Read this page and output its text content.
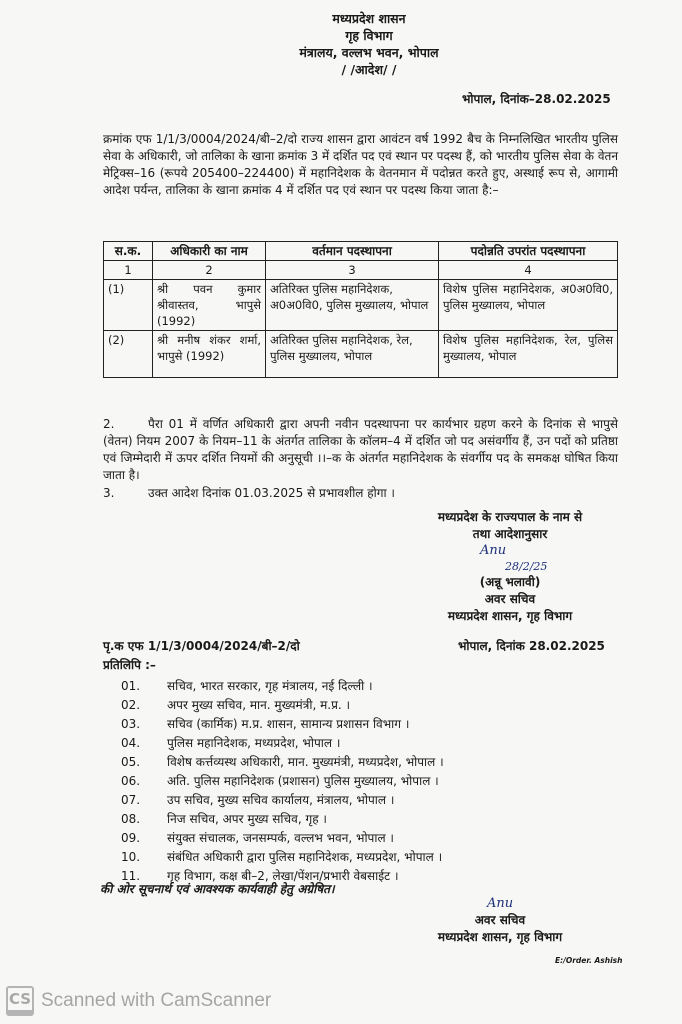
मध्यप्रदेश शासन
गृह विभाग
मंत्रालय, वल्लभ भवन, भोपाल
/ /आदेश/ /
भोपाल, दिनांक–28.02.2025
क्रमांक एफ 1/1/3/0004/2024/बी–2/दो राज्य शासन द्वारा आवंटन वर्ष 1992 बैच के निम्नलिखित भारतीय पुलिस सेवा के अधिकारी, जो तालिका के खाना क्रमांक 3 में दर्शित पद एवं स्थान पर पदस्थ हैं, को भारतीय पुलिस सेवा के वेतन मेट्रिक्स–16 (रूपये 205400–224400) में महानिदेशक के वेतनमान में पदोन्नत करते हुए, अस्थाई रूप से, आगामी आदेश पर्यन्त, तालिका के खाना क्रमांक 4 में दर्शित पद एवं स्थान पर पदस्थ किया जाता है:–
स.क.	अधिकारी का नाम	वर्तमान पदस्थापना	पदोन्नति उपरांत पदस्थापना
1	2	3	4
(1)	श्री पवन कुमार श्रीवास्तव, भापुसे (1992)	अतिरिक्त पुलिस महानिदेशक, अ0अ0वि0, पुलिस मुख्यालय, भोपाल	विशेष पुलिस महानिदेशक, अ0अ0वि0, पुलिस मुख्यालय, भोपाल
(2)	श्री मनीष शंकर शर्मा, भापुसे (1992)	अतिरिक्त पुलिस महानिदेशक, रेल, पुलिस मुख्यालय, भोपाल	विशेष पुलिस महानिदेशक, रेल, पुलिस मुख्यालय, भोपाल
2.	पैरा 01 में वर्णित अधिकारी द्वारा अपनी नवीन पदस्थापना पर कार्यभार ग्रहण करने के दिनांक से भापुसे (वेतन) नियम 2007 के नियम–11 के अंतर्गत तालिका के कॉलम–4 में दर्शित जो पद असंवर्गीय हैं, उन पदों को प्रतिष्ठा एवं जिम्मेदारी में ऊपर दर्शित नियमों की अनुसूची ।।–क के अंतर्गत महानिदेशक के संवर्गीय पद के समकक्ष घोषित किया जाता है।
3.	उक्त आदेश दिनांक 01.03.2025 से प्रभावशील होगा ।
मध्यप्रदेश के राज्यपाल के नाम से
तथा आदेशानुसार
Anu
28/2/25
(अन्नू भलावी)
अवर सचिव
मध्यप्रदेश शासन, गृह विभाग
पृ.क एफ 1/1/3/0004/2024/बी–2/दो	भोपाल, दिनांक 28.02.2025
प्रतिलिपि :–
01. सचिव, भारत सरकार, गृह मंत्रालय, नई दिल्ली ।
02. अपर मुख्य सचिव, मान. मुख्यमंत्री, म.प्र. ।
03. सचिव (कार्मिक) म.प्र. शासन, सामान्य प्रशासन विभाग ।
04. पुलिस महानिदेशक, मध्यप्रदेश, भोपाल ।
05. विशेष कर्त्तव्यस्थ अधिकारी, मान. मुख्यमंत्री, मध्यप्रदेश, भोपाल ।
06. अति. पुलिस महानिदेशक (प्रशासन) पुलिस मुख्यालय, भोपाल ।
07. उप सचिव, मुख्य सचिव कार्यालय, मंत्रालय, भोपाल ।
08. निज सचिव, अपर मुख्य सचिव, गृह ।
09. संयुक्त संचालक, जनसम्पर्क, वल्लभ भवन, भोपाल ।
10. संबंधित अधिकारी द्वारा पुलिस महानिदेशक, मध्यप्रदेश, भोपाल ।
11. गृह विभाग, कक्ष बी–2, लेखा/पेंशन/प्रभारी वेबसाईट ।
की ओर सूचनार्थ एवं आवश्यक कार्यवाही हेतु अग्रेषित।
Anu
अवर सचिव
मध्यप्रदेश शासन, गृह विभाग
E:/Order. Ashish
CS Scanned with CamScanner
